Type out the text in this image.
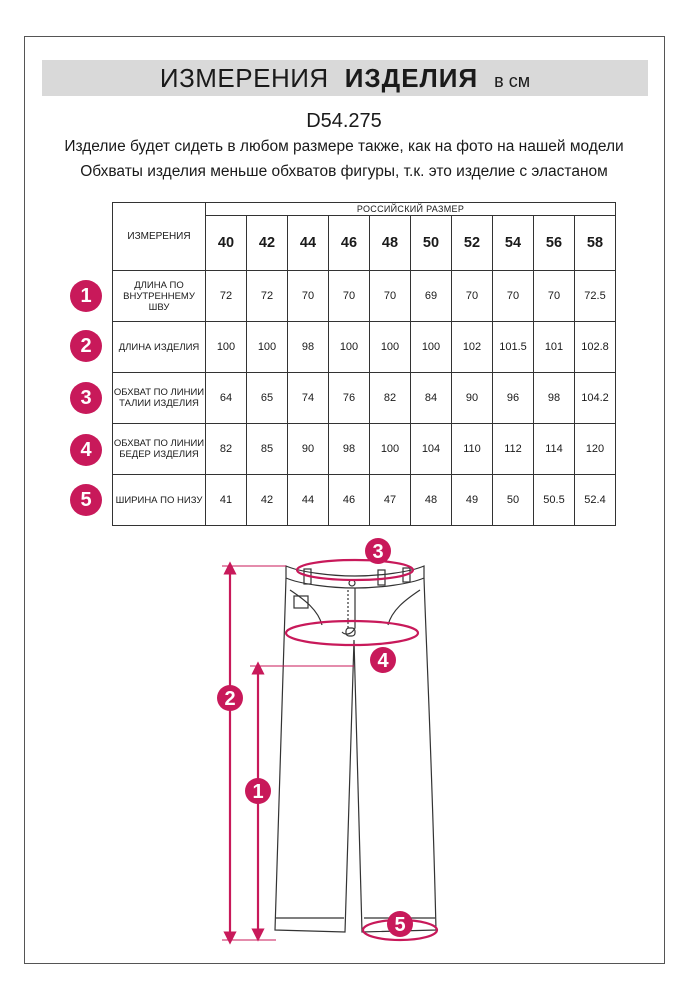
ИЗМЕРЕНИЯ ИЗДЕЛИЯ в см
D54.275
Изделие будет сидеть в любом размере также, как на фото на нашей модели
Обхваты изделия меньше обхватов фигуры, т.к. это изделие с эластаном
ИЗМЕРЕНИЯ	РОССИЙСКИЙ РАЗМЕР									
	40	42	44	46	48	50	52	54	56	58
ДЛИНА ПО ВНУТРЕННЕМУ ШВУ	72	72	70	70	70	69	70	70	70	72.5
ДЛИНА ИЗДЕЛИЯ	100	100	98	100	100	100	102	101.5	101	102.8
ОБХВАТ ПО ЛИНИИ ТАЛИИ ИЗДЕЛИЯ	64	65	74	76	82	84	90	96	98	104.2
ОБХВАТ ПО ЛИНИИ БЕДЕР ИЗДЕЛИЯ	82	85	90	98	100	104	110	112	114	120
ШИРИНА ПО НИЗУ	41	42	44	46	47	48	49	50	50.5	52.4
1
2
3
4
5
3
4
2
1
5
